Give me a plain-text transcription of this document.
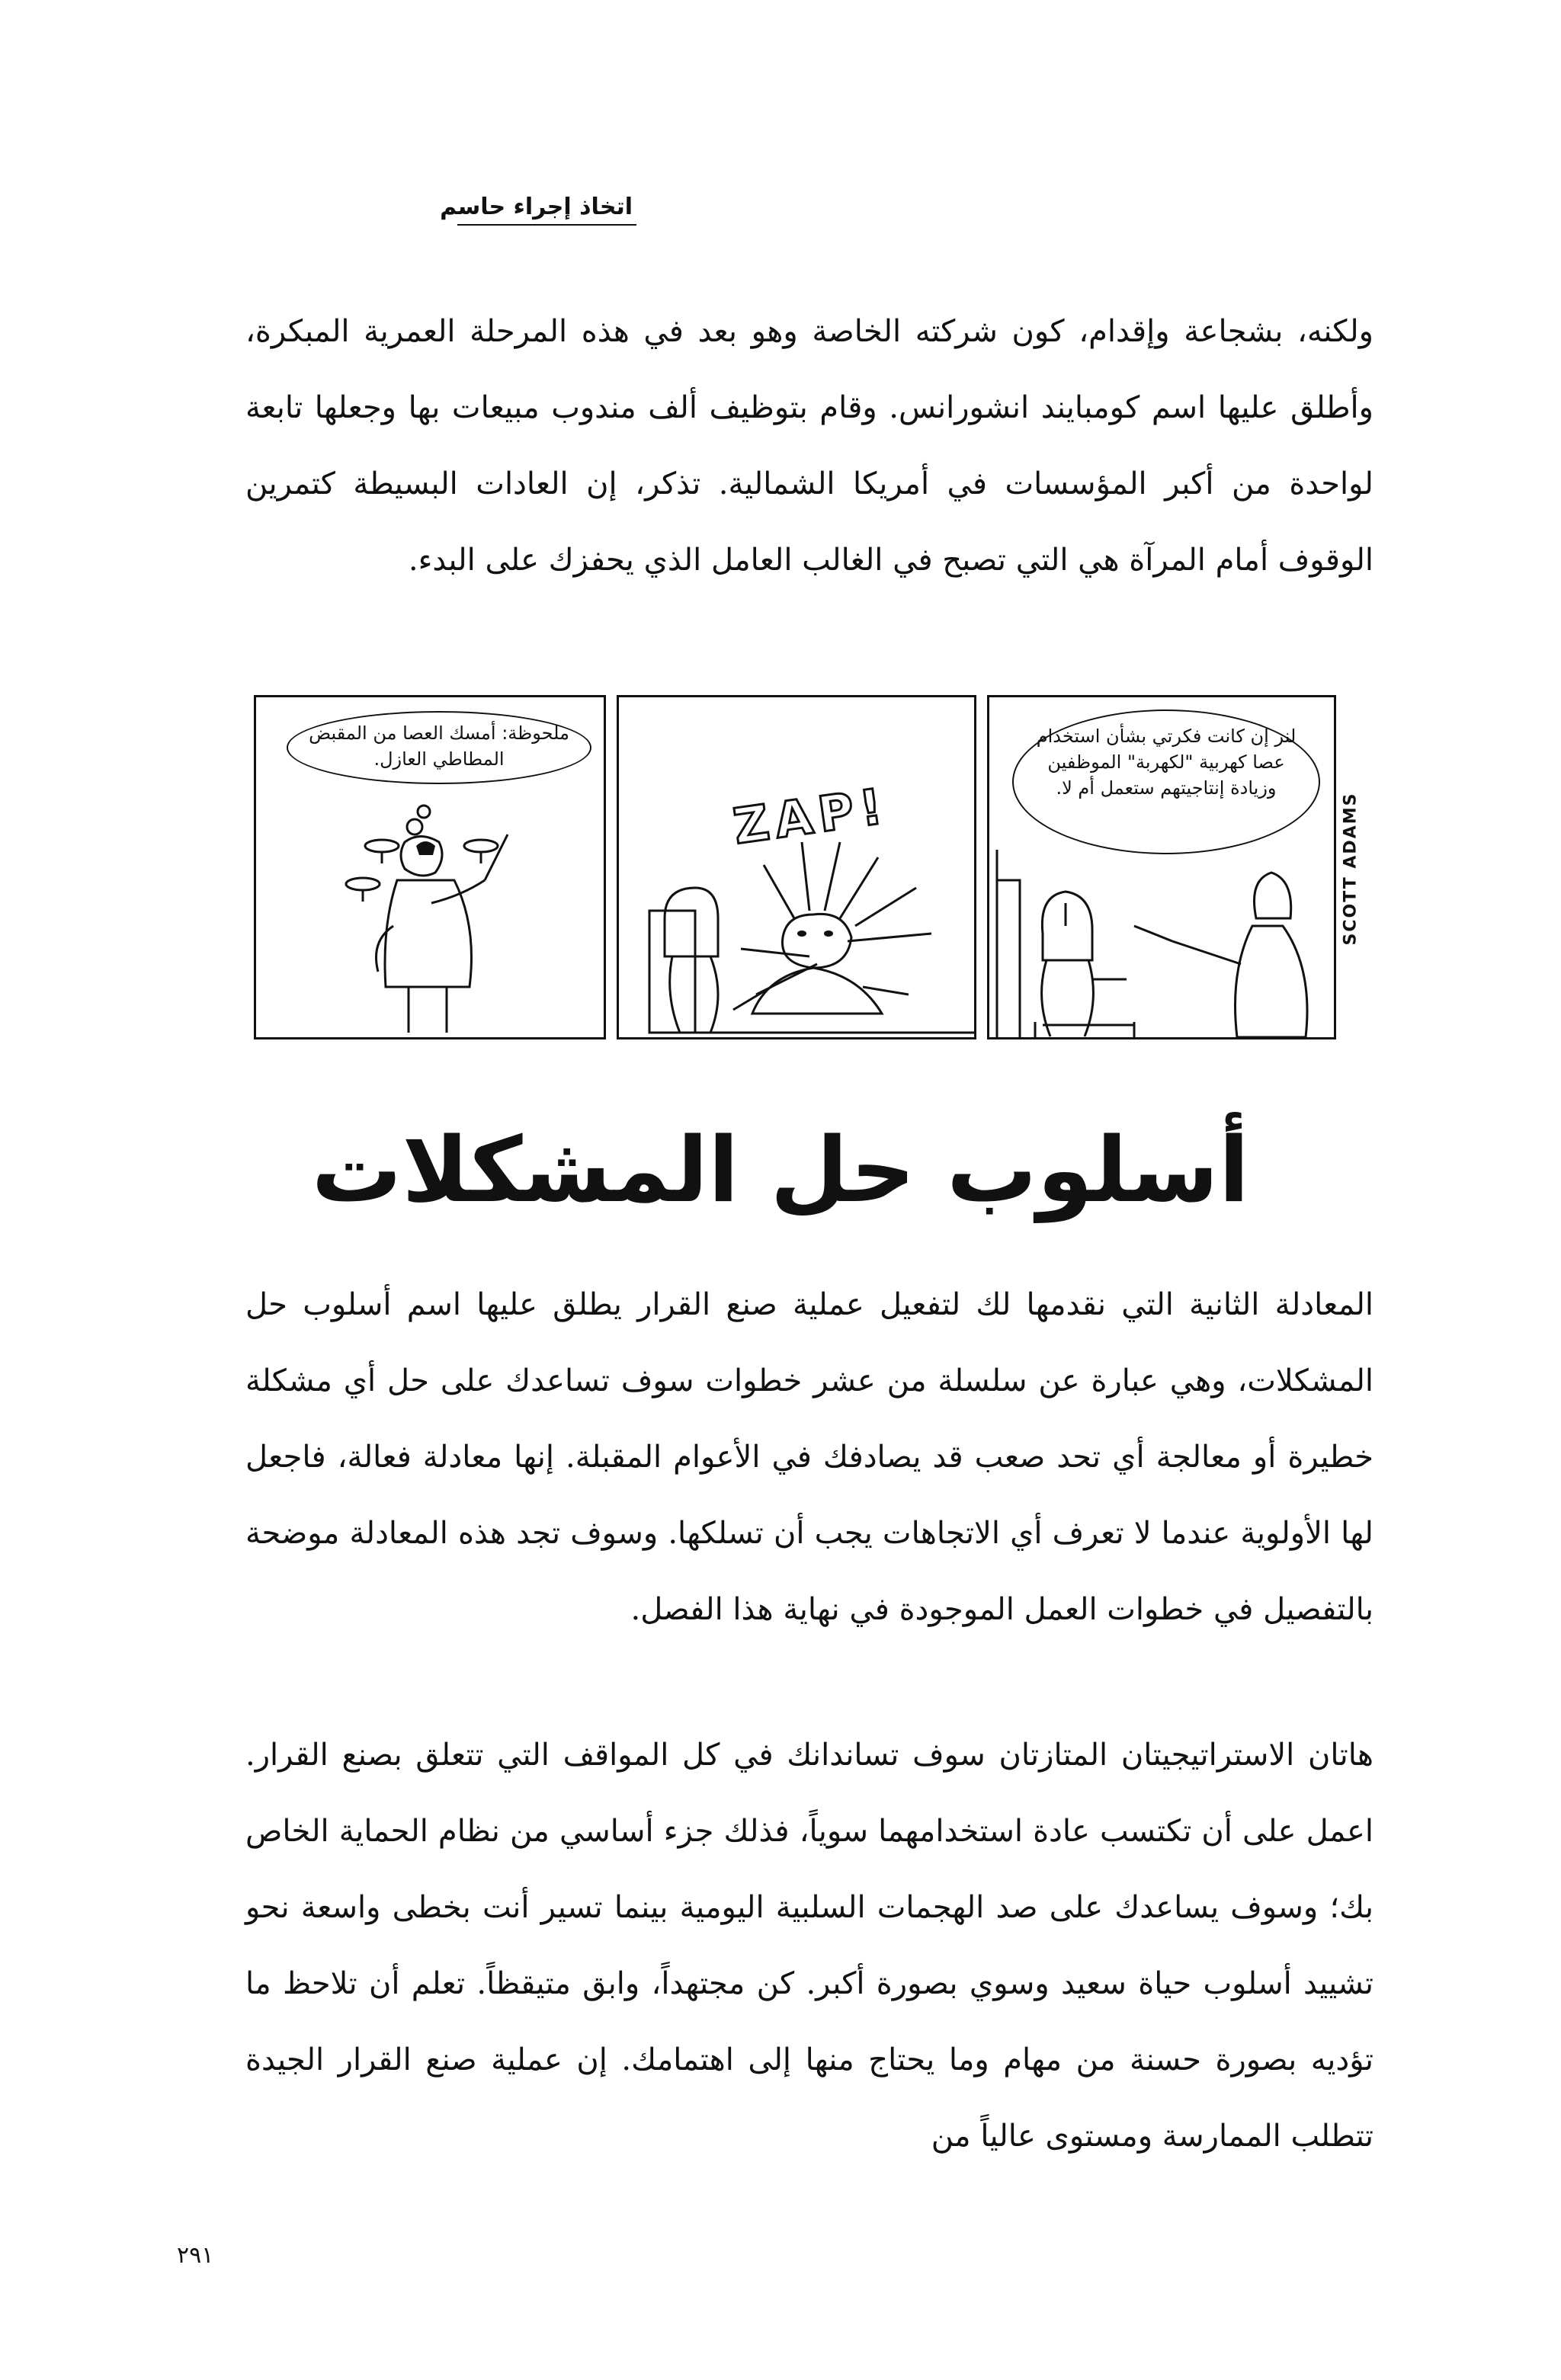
اتخاذ إجراء حاسم

ولكنه، بشجاعة وإقدام، كون شركته الخاصة وهو بعد في هذه المرحلة العمرية المبكرة، وأطلق عليها اسم كومبايند انشورانس. وقام بتوظيف ألف مندوب مبيعات بها وجعلها تابعة لواحدة من أكبر المؤسسات في أمريكا الشمالية. تذكر، إن العادات البسيطة كتمرين الوقوف أمام المرآة هي التي تصبح في الغالب العامل الذي يحفزك على البدء.

ملحوظة: أمسك العصا من المقبض المطاطي العازل.
ZAP!
لنر إن كانت فكرتي بشأن استخدام عصا كهربية "لكهربة" الموظفين وزيادة إنتاجيتهم ستعمل أم لا.
SCOTT ADAMS
أسلوب حل المشكلات

المعادلة الثانية التي نقدمها لك لتفعيل عملية صنع القرار يطلق عليها اسم أسلوب حل المشكلات، وهي عبارة عن سلسلة من عشر خطوات سوف تساعدك على حل أي مشكلة خطيرة أو معالجة أي تحد صعب قد يصادفك في الأعوام المقبلة. إنها معادلة فعالة، فاجعل لها الأولوية عندما لا تعرف أي الاتجاهات يجب أن تسلكها. وسوف تجد هذه المعادلة موضحة بالتفصيل في خطوات العمل الموجودة في نهاية هذا الفصل.

هاتان الاستراتيجيتان المتازتان سوف تساندانك في كل المواقف التي تتعلق بصنع القرار. اعمل على أن تكتسب عادة استخدامهما سوياً، فذلك جزء أساسي من نظام الحماية الخاص بك؛ وسوف يساعدك على صد الهجمات السلبية اليومية بينما تسير أنت بخطى واسعة نحو تشييد أسلوب حياة سعيد وسوي بصورة أكبر. كن مجتهداً، وابق متيقظاً. تعلم أن تلاحظ ما تؤديه بصورة حسنة من مهام وما يحتاج منها إلى اهتمامك. إن عملية صنع القرار الجيدة تتطلب الممارسة ومستوى عالياً من

٢٩١
